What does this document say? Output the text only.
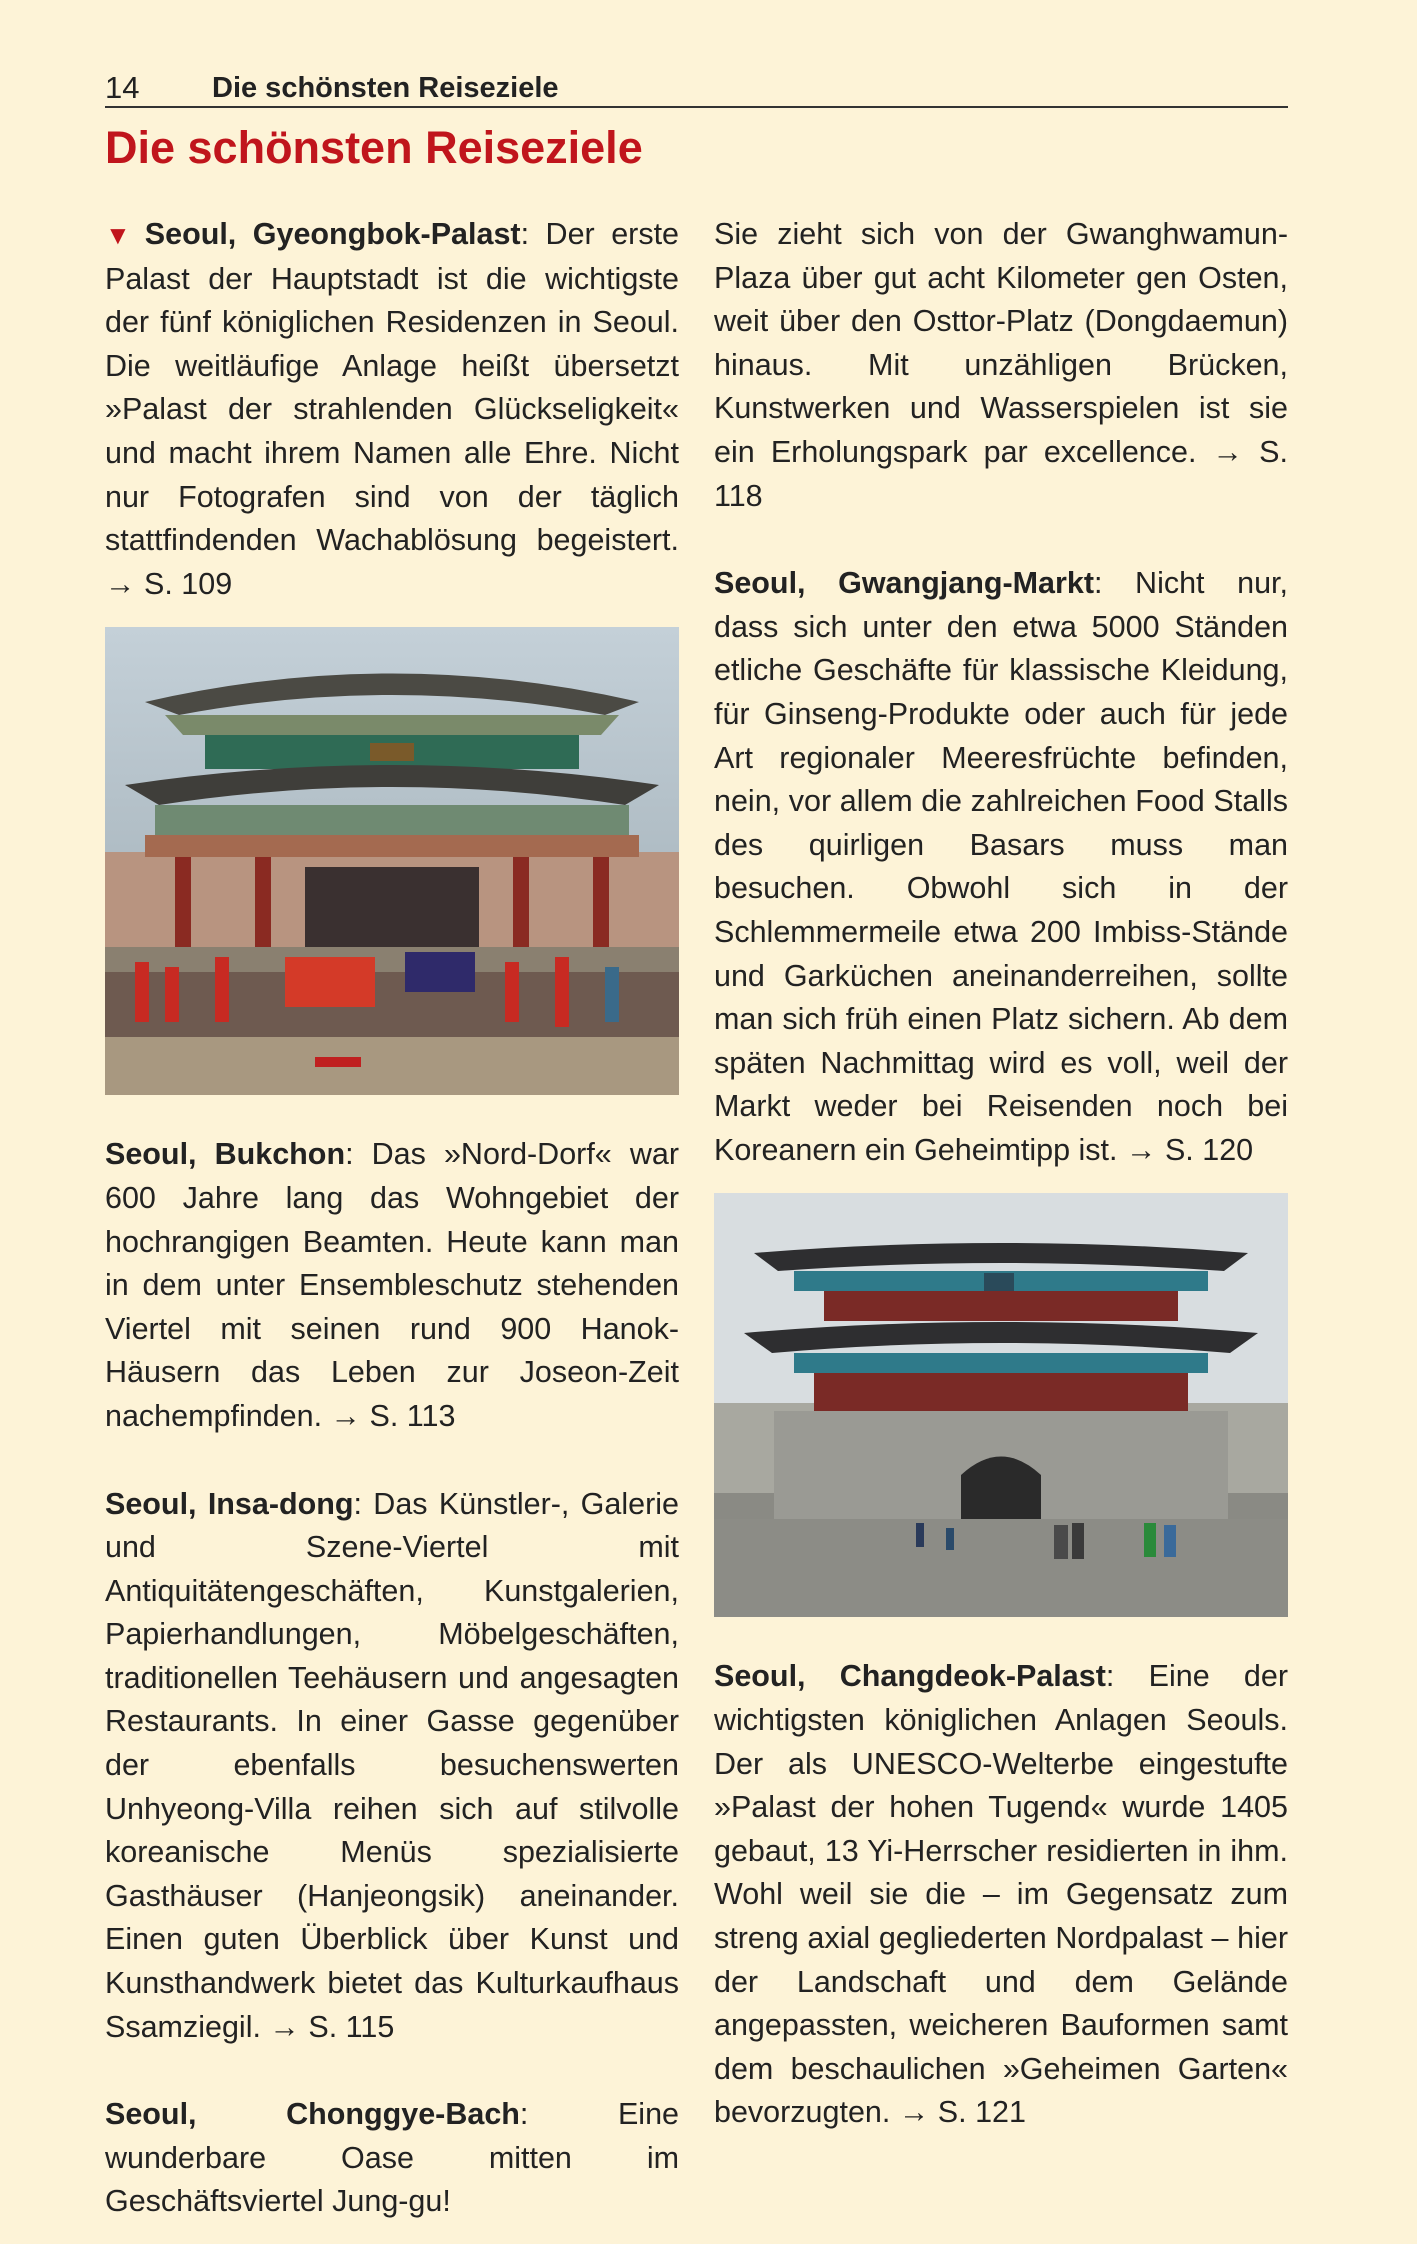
14	Die schönsten Reiseziele
Die schönsten Reiseziele

▼ Seoul, Gyeongbok-Palast: Der erste Palast der Hauptstadt ist die wichtigste der fünf königlichen Residenzen in Seoul. Die weitläufige Anlage heißt übersetzt »Palast der strahlenden Glückseligkeit« und macht ihrem Namen alle Ehre. Nicht nur Fotografen sind von der täglich stattfindenden Wachablösung begeistert. → S. 109

Seoul, Bukchon: Das »Nord-Dorf« war 600 Jahre lang das Wohngebiet der hochrangigen Beamten. Heute kann man in dem unter Ensembleschutz stehenden Viertel mit seinen rund 900 Hanok-Häusern das Leben zur Joseon-Zeit nachempfinden. → S. 113

Seoul, Insa-dong: Das Künstler-, Galerie und Szene-Viertel mit Antiquitätengeschäften, Kunstgalerien, Papierhandlungen, Möbelgeschäften, traditionellen Teehäusern und angesagten Restaurants. In einer Gasse gegenüber der ebenfalls besuchenswerten Unhyeong-Villa reihen sich auf stilvolle koreanische Menüs spezialisierte Gasthäuser (Hanjeongsik) aneinander. Einen guten Überblick über Kunst und Kunsthandwerk bietet das Kulturkaufhaus Ssamziegil. → S. 115

Seoul, Chonggye-Bach: Eine wunderbare Oase mitten im Geschäftsviertel Jung-gu!

Sie zieht sich von der Gwanghwamun-Plaza über gut acht Kilometer gen Osten, weit über den Osttor-Platz (Dongdaemun) hinaus. Mit unzähligen Brücken, Kunstwerken und Wasserspielen ist sie ein Erholungspark par excellence. → S. 118

Seoul, Gwangjang-Markt: Nicht nur, dass sich unter den etwa 5000 Ständen etliche Geschäfte für klassische Kleidung, für Ginseng-Produkte oder auch für jede Art regionaler Meeresfrüchte befinden, nein, vor allem die zahlreichen Food Stalls des quirligen Basars muss man besuchen. Obwohl sich in der Schlemmermeile etwa 200 Imbiss-Stände und Garküchen aneinanderreihen, sollte man sich früh einen Platz sichern. Ab dem späten Nachmittag wird es voll, weil der Markt weder bei Reisenden noch bei Koreanern ein Geheimtipp ist. → S. 120

Seoul, Changdeok-Palast: Eine der wichtigsten königlichen Anlagen Seouls. Der als UNESCO-Welterbe eingestufte »Palast der hohen Tugend« wurde 1405 gebaut, 13 Yi-Herrscher residierten in ihm. Wohl weil sie die – im Gegensatz zum streng axial gegliederten Nordpalast – hier der Landschaft und dem Gelände angepassten, weicheren Bauformen samt dem beschaulichen »Geheimen Garten« bevorzugten. → S. 121
